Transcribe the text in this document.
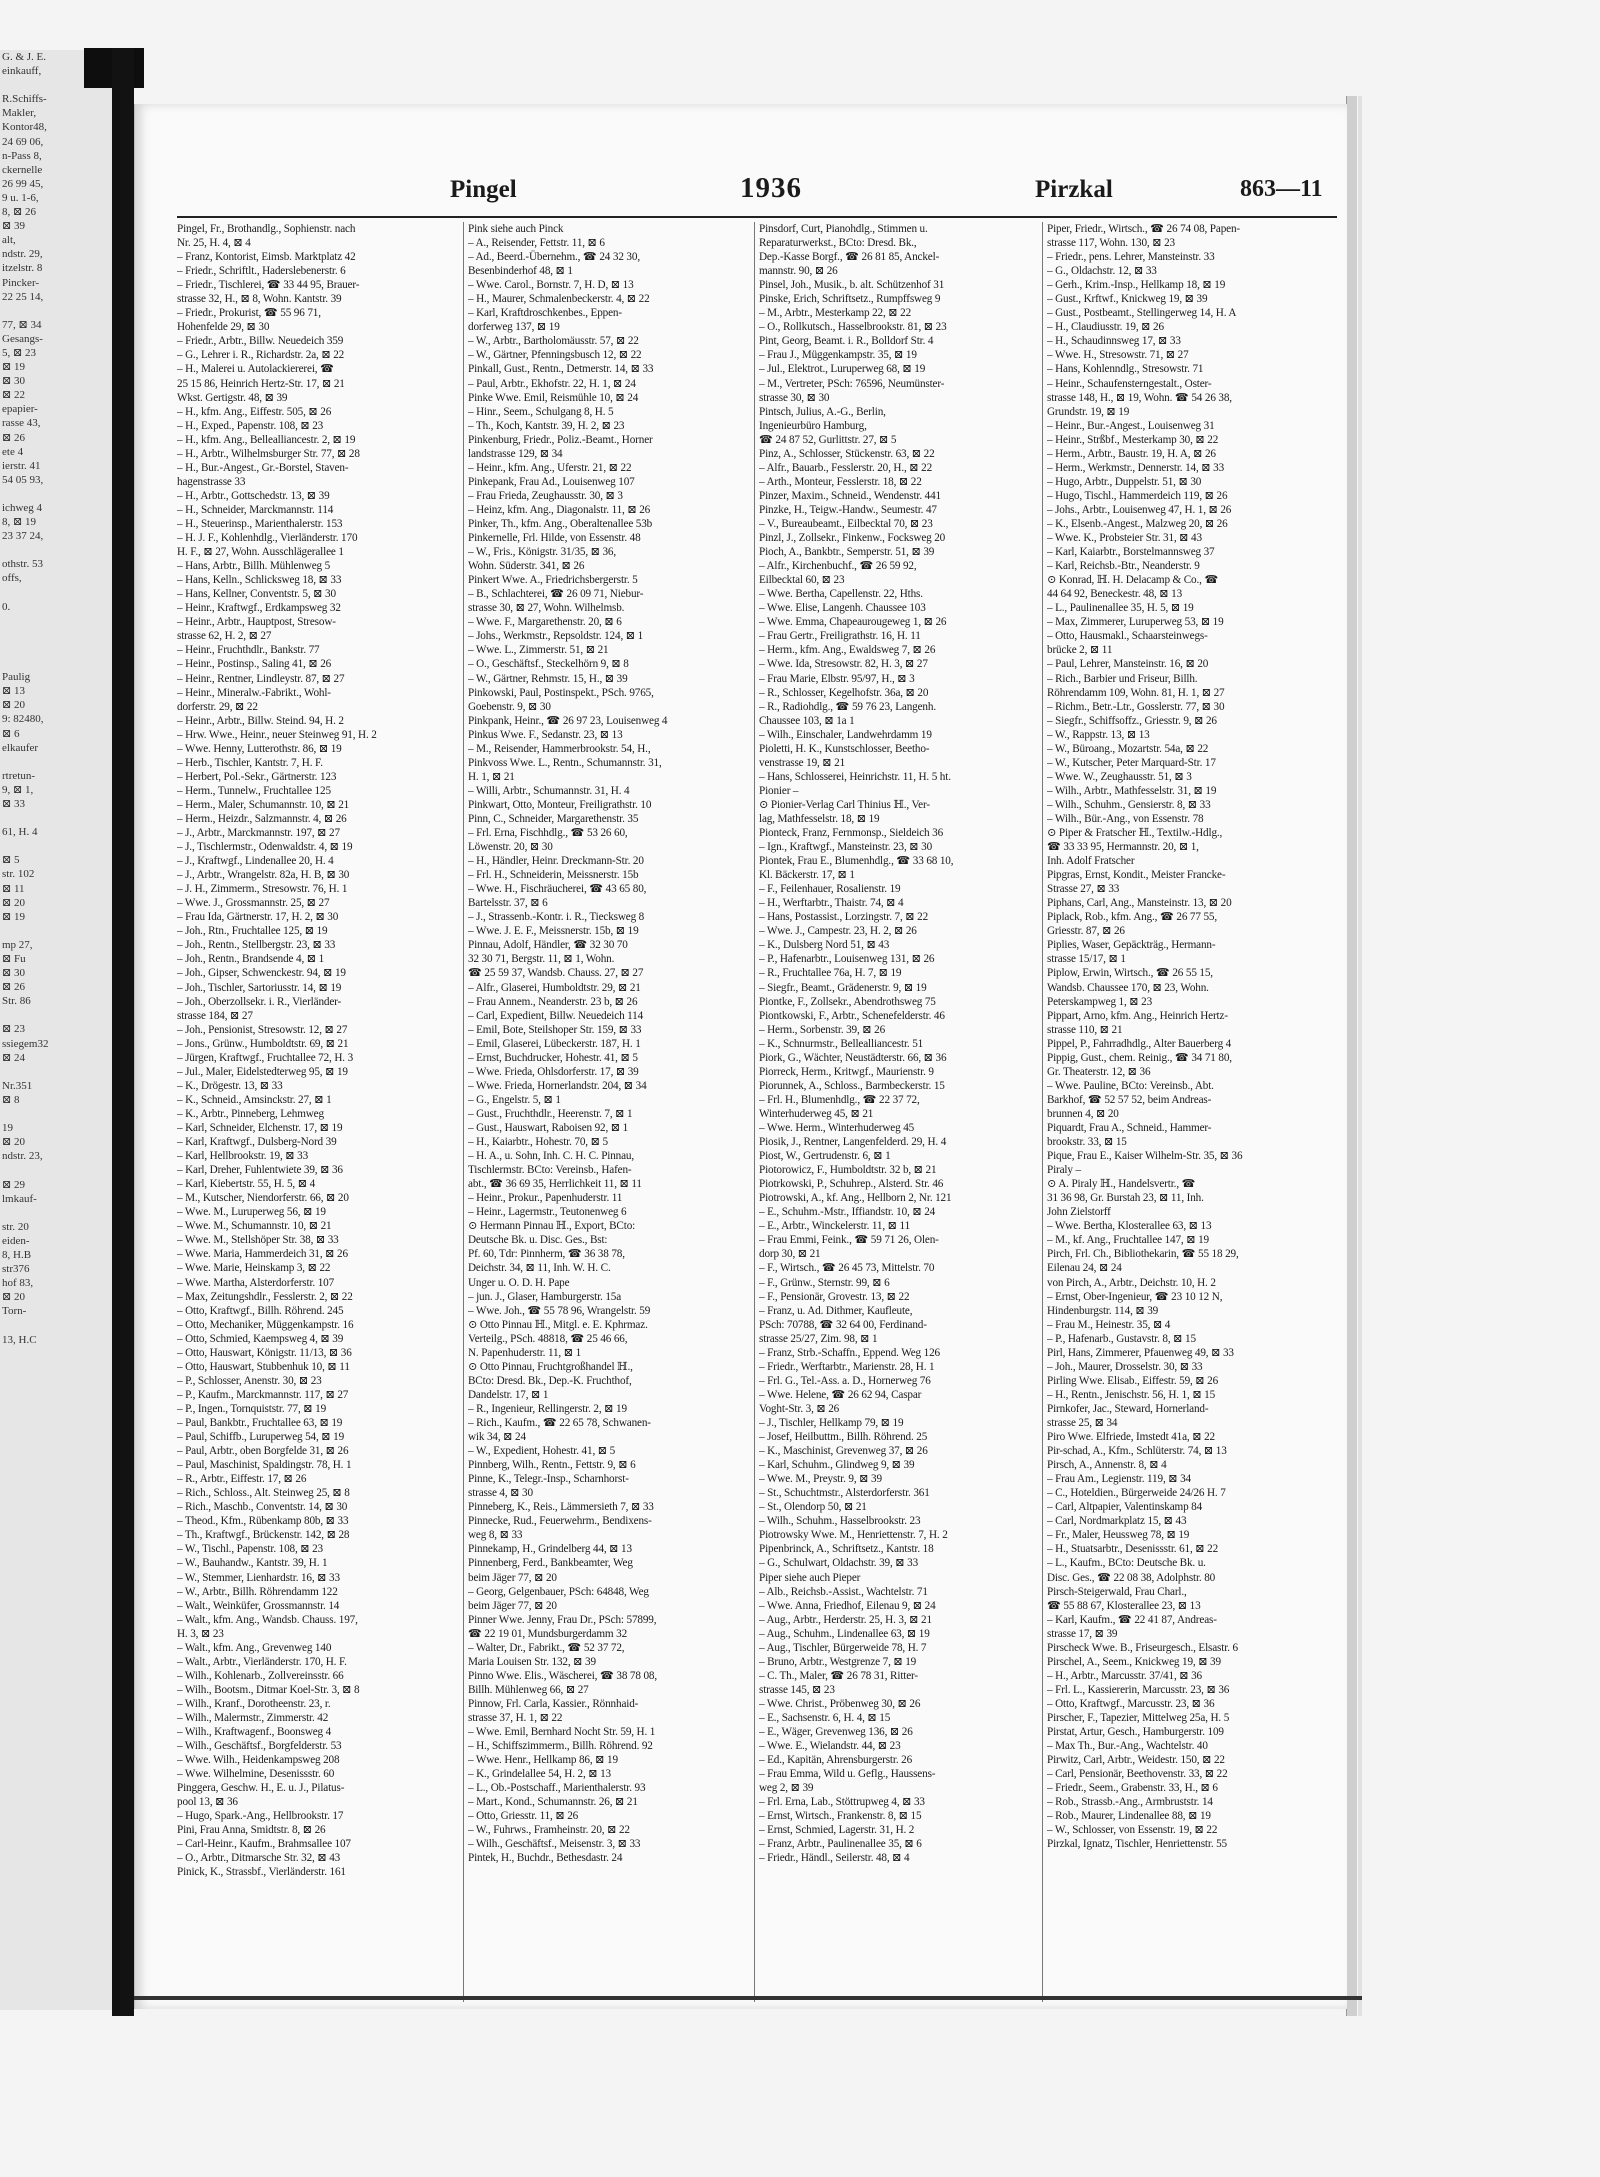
G. & J. E.
einkauff,

R.Schiffs-
Makler,
Kontor48,
24 69 06,
n-Pass 8,
ckernelle
26 99 45,
9 u. 1-6,
8, ⊠ 26
⊠ 39
alt,
ndstr. 29,
itzelstr. 8
Pincker-
22 25 14,

77, ⊠ 34
Gesangs-
5, ⊠ 23
⊠ 19
⊠ 30
⊠ 22
epapier-
rasse 43,
⊠ 26
ete 4
ierstr. 41
54 05 93,

ichweg 4
8, ⊠ 19
23 37 24,

othstr. 53
offs,

0.

Paulig
⊠ 13
⊠ 20
9: 82480,
⊠ 6
elkaufer

rtretun-
9, ⊠ 1,
⊠ 33

61, H. 4

⊠ 5
str. 102
⊠ 11
⊠ 20
⊠ 19

mp 27,
⊠ Fu
⊠ 30
⊠ 26
Str. 86

⊠ 23
ssiegem32
⊠ 24

Nr.351
⊠ 8

19
⊠ 20
ndstr. 23,

⊠ 29
lmkauf-

str. 20
eiden-
8, H.B
str376
hof 83,
⊠ 20
Torn-

13, H.C
Pingel	1936	Pirzkal	863—11
Pingel, Fr., Brothandlg., Sophienstr. nach
Nr. 25, H. 4, ⊠ 4
– Franz, Kontorist, Eimsb. Marktplatz 42
– Friedr., Schriftlt., Haderslebenerstr. 6
– Friedr., Tischlerei, ☎ 33 44 95, Brauer-
strasse 32, H., ⊠ 8, Wohn. Kantstr. 39
– Friedr., Prokurist, ☎ 55 96 71,
Hohenfelde 29, ⊠ 30
– Friedr., Arbtr., Billw. Neuedeich 359
– G., Lehrer i. R., Richardstr. 2a, ⊠ 22
– H., Malerei u. Autolackiererei, ☎
25 15 86, Heinrich Hertz-Str. 17, ⊠ 21
Wkst. Gertigstr. 48, ⊠ 39
– H., kfm. Ang., Eiffestr. 505, ⊠ 26
– H., Exped., Papenstr. 108, ⊠ 23
– H., kfm. Ang., Bellealliancestr. 2, ⊠ 19
– H., Arbtr., Wilhelmsburger Str. 77, ⊠ 28
– H., Bur.-Angest., Gr.-Borstel, Staven-
hagenstrasse 33
– H., Arbtr., Gottschedstr. 13, ⊠ 39
– H., Schneider, Marckmannstr. 114
– H., Steuerinsp., Marienthalerstr. 153
– H. J. F., Kohlenhdlg., Vierländerstr. 170
H. F., ⊠ 27, Wohn. Ausschlägerallee 1
– Hans, Arbtr., Billh. Mühlenweg 5
– Hans, Kelln., Schlicksweg 18, ⊠ 33
– Hans, Kellner, Conventstr. 5, ⊠ 30
– Heinr., Kraftwgf., Erdkampsweg 32
– Heinr., Arbtr., Hauptpost, Stresow-
strasse 62, H. 2, ⊠ 27
– Heinr., Fruchthdlr., Bankstr. 77
– Heinr., Postinsp., Saling 41, ⊠ 26
– Heinr., Rentner, Lindleystr. 87, ⊠ 27
– Heinr., Mineralw.-Fabrikt., Wohl-
dorferstr. 29, ⊠ 22
– Heinr., Arbtr., Billw. Steind. 94, H. 2
– Hrw. Wwe., Heinr., neuer Steinweg 91, H. 2
– Wwe. Henny, Lutterothstr. 86, ⊠ 19
– Herb., Tischler, Kantstr. 7, H. F.
– Herbert, Pol.-Sekr., Gärtnerstr. 123
– Herm., Tunnelw., Fruchtallee 125
– Herm., Maler, Schumannstr. 10, ⊠ 21
– Herm., Heizdr., Salzmannstr. 4, ⊠ 26
– J., Arbtr., Marckmannstr. 197, ⊠ 27
– J., Tischlermstr., Odenwaldstr. 4, ⊠ 19
– J., Kraftwgf., Lindenallee 20, H. 4
– J., Arbtr., Wrangelstr. 82a, H. B, ⊠ 30
– J. H., Zimmerm., Stresowstr. 76, H. 1
– Wwe. J., Grossmannstr. 25, ⊠ 27
– Frau Ida, Gärtnerstr. 17, H. 2, ⊠ 30
– Joh., Rtn., Fruchtallee 125, ⊠ 19
– Joh., Rentn., Stellbergstr. 23, ⊠ 33
– Joh., Rentn., Brandsende 4, ⊠ 1
– Joh., Gipser, Schwenckestr. 94, ⊠ 19
– Joh., Tischler, Sartoriusstr. 14, ⊠ 19
– Joh., Oberzollsekr. i. R., Vierländer-
strasse 184, ⊠ 27
– Joh., Pensionist, Stresowstr. 12, ⊠ 27
– Jons., Grünw., Humboldtstr. 69, ⊠ 21
– Jürgen, Kraftwgf., Fruchtallee 72, H. 3
– Jul., Maler, Eidelstedterweg 95, ⊠ 19
– K., Drögestr. 13, ⊠ 33
– K., Schneid., Amsinckstr. 27, ⊠ 1
– K., Arbtr., Pinneberg, Lehmweg
– Karl, Schneider, Elchenstr. 17, ⊠ 19
– Karl, Kraftwgf., Dulsberg-Nord 39
– Karl, Hellbrookstr. 19, ⊠ 33
– Karl, Dreher, Fuhlentwiete 39, ⊠ 36
– Karl, Kiebertstr. 55, H. 5, ⊠ 4
– M., Kutscher, Niendorferstr. 66, ⊠ 20
– Wwe. M., Luruperweg 56, ⊠ 19
– Wwe. M., Schumannstr. 10, ⊠ 21
– Wwe. M., Stellshöper Str. 38, ⊠ 33
– Wwe. Maria, Hammerdeich 31, ⊠ 26
– Wwe. Marie, Heinskamp 3, ⊠ 22
– Wwe. Martha, Alsterdorferstr. 107
– Max, Zeitungshdlr., Fesslerstr. 2, ⊠ 22
– Otto, Kraftwgf., Billh. Röhrend. 245
– Otto, Mechaniker, Müggenkampstr. 16
– Otto, Schmied, Kaempsweg 4, ⊠ 39
– Otto, Hauswart, Königstr. 11/13, ⊠ 36
– Otto, Hauswart, Stubbenhuk 10, ⊠ 11
– P., Schlosser, Anenstr. 30, ⊠ 23
– P., Kaufm., Marckmannstr. 117, ⊠ 27
– P., Ingen., Tornquiststr. 77, ⊠ 19
– Paul, Bankbtr., Fruchtallee 63, ⊠ 19
– Paul, Schiffb., Luruperweg 54, ⊠ 19
– Paul, Arbtr., oben Borgfelde 31, ⊠ 26
– Paul, Maschinist, Spaldingstr. 78, H. 1
– R., Arbtr., Eiffestr. 17, ⊠ 26
– Rich., Schloss., Alt. Steinweg 25, ⊠ 8
– Rich., Maschb., Conventstr. 14, ⊠ 30
– Theod., Kfm., Rübenkamp 80b, ⊠ 33
– Th., Kraftwgf., Brückenstr. 142, ⊠ 28
– W., Tischl., Papenstr. 108, ⊠ 23
– W., Bauhandw., Kantstr. 39, H. 1
– W., Stemmer, Lienhardstr. 16, ⊠ 33
– W., Arbtr., Billh. Röhrendamm 122
– Walt., Weinküfer, Grossmannstr. 14
– Walt., kfm. Ang., Wandsb. Chauss. 197,
H. 3, ⊠ 23
– Walt., kfm. Ang., Grevenweg 140
– Walt., Arbtr., Vierländerstr. 170, H. F.
– Wilh., Kohlenarb., Zollvereinsstr. 66
– Wilh., Bootsm., Ditmar Koel-Str. 3, ⊠ 8
– Wilh., Kranf., Dorotheenstr. 23, r.
– Wilh., Malermstr., Zimmerstr. 42
– Wilh., Kraftwagenf., Boonsweg 4
– Wilh., Geschäftsf., Borgfelderstr. 53
– Wwe. Wilh., Heidenkampsweg 208
– Wwe. Wilhelmine, Desenissstr. 60
Pinggera, Geschw. H., E. u. J., Pilatus-
pool 13, ⊠ 36
– Hugo, Spark.-Ang., Hellbrookstr. 17
Pini, Frau Anna, Smidtstr. 8, ⊠ 26
– Carl-Heinr., Kaufm., Brahmsallee 107
– O., Arbtr., Ditmarsche Str. 32, ⊠ 43
Pinick, K., Strassbf., Vierländerstr. 161
Pink siehe auch Pinck
– A., Reisender, Fettstr. 11, ⊠ 6
– Ad., Beerd.-Übernehm., ☎ 24 32 30,
Besenbinderhof 48, ⊠ 1
– Wwe. Carol., Bornstr. 7, H. D, ⊠ 13
– H., Maurer, Schmalenbeckerstr. 4, ⊠ 22
– Karl, Kraftdroschkenbes., Eppen-
dorferweg 137, ⊠ 19
– W., Arbtr., Bartholomäusstr. 57, ⊠ 22
– W., Gärtner, Pfenningsbusch 12, ⊠ 22
Pinkall, Gust., Rentn., Detmerstr. 14, ⊠ 33
– Paul, Arbtr., Ekhofstr. 22, H. 1, ⊠ 24
Pinke Wwe. Emil, Reismühle 10, ⊠ 24
– Hinr., Seem., Schulgang 8, H. 5
– Th., Koch, Kantstr. 39, H. 2, ⊠ 23
Pinkenburg, Friedr., Poliz.-Beamt., Horner
landstrasse 129, ⊠ 34
– Heinr., kfm. Ang., Uferstr. 21, ⊠ 22
Pinkepank, Frau Ad., Louisenweg 107
– Frau Frieda, Zeughausstr. 30, ⊠ 3
– Heinz, kfm. Ang., Diagonalstr. 11, ⊠ 26
Pinker, Th., kfm. Ang., Oberaltenallee 53b
Pinkernelle, Frl. Hilde, von Essenstr. 48
– W., Fris., Königstr. 31/35, ⊠ 36,
Wohn. Süderstr. 341, ⊠ 26
Pinkert Wwe. A., Friedrichsbergerstr. 5
– B., Schlachterei, ☎ 26 09 71, Niebur-
strasse 30, ⊠ 27, Wohn. Wilhelmsb.
– Wwe. F., Margarethenstr. 20, ⊠ 6
– Johs., Werkmstr., Repsoldstr. 124, ⊠ 1
– Wwe. L., Zimmerstr. 51, ⊠ 21
– O., Geschäftsf., Steckelhörn 9, ⊠ 8
– W., Gärtner, Rehmstr. 15, H., ⊠ 39
Pinkowski, Paul, Postinspekt., PSch. 9765,
Goebenstr. 9, ⊠ 30
Pinkpank, Heinr., ☎ 26 97 23, Louisenweg 4
Pinkus Wwe. F., Sedanstr. 23, ⊠ 13
– M., Reisender, Hammerbrookstr. 54, H.,
Pinkvoss Wwe. L., Rentn., Schumannstr. 31,
H. 1, ⊠ 21
– Willi, Arbtr., Schumannstr. 31, H. 4
Pinkwart, Otto, Monteur, Freiligrathstr. 10
Pinn, C., Schneider, Margarethenstr. 35
– Frl. Erna, Fischhdlg., ☎ 53 26 60,
Löwenstr. 20, ⊠ 30
– H., Händler, Heinr. Dreckmann-Str. 20
– Frl. H., Schneiderin, Meissnerstr. 15b
– Wwe. H., Fischräucherei, ☎ 43 65 80,
Bartelsstr. 37, ⊠ 6
– J., Strassenb.-Kontr. i. R., Tiecksweg 8
– Wwe. J. E. F., Meissnerstr. 15b, ⊠ 19
Pinnau, Adolf, Händler, ☎ 32 30 70
32 30 71, Bergstr. 11, ⊠ 1, Wohn.
☎ 25 59 37, Wandsb. Chauss. 27, ⊠ 27
– Alfr., Glaserei, Humboldtstr. 29, ⊠ 21
– Frau Annem., Neanderstr. 23 b, ⊠ 26
– Carl, Expedient, Billw. Neuedeich 114
– Emil, Bote, Steilshoper Str. 159, ⊠ 33
– Emil, Glaserei, Lübeckerstr. 187, H. 1
– Ernst, Buchdrucker, Hohestr. 41, ⊠ 5
– Wwe. Frieda, Ohlsdorferstr. 17, ⊠ 39
– Wwe. Frieda, Hornerlandstr. 204, ⊠ 34
– G., Engelstr. 5, ⊠ 1
– Gust., Fruchthdlr., Heerenstr. 7, ⊠ 1
– Gust., Hauswart, Raboisen 92, ⊠ 1
– H., Kaiarbtr., Hohestr. 70, ⊠ 5
– H. A., u. Sohn, Inh. C. H. C. Pinnau,
Tischlermstr. BCto: Vereinsb., Hafen-
abt., ☎ 36 69 35, Herrlichkeit 11, ⊠ 11
– Heinr., Prokur., Papenhuderstr. 11
– Heinr., Lagermstr., Teutonenweg 6
⊙ Hermann Pinnau ℍ., Export, BCto:
Deutsche Bk. u. Disc. Ges., Bst:
Pf. 60, Tdr: Pinnherm, ☎ 36 38 78,
Deichstr. 34, ⊠ 11, Inh. W. H. C.
Unger u. O. D. H. Pape
– jun. J., Glaser, Hamburgerstr. 15a
– Wwe. Joh., ☎ 55 78 96, Wrangelstr. 59
⊙ Otto Pinnau ℍ., Mitgl. e. E. Kphrmaz.
Verteilg., PSch. 48818, ☎ 25 46 66,
N. Papenhuderstr. 11, ⊠ 1
⊙ Otto Pinnau, Fruchtgroßhandel ℍ.,
BCto: Dresd. Bk., Dep.-K. Fruchthof,
Dandelstr. 17, ⊠ 1
– R., Ingenieur, Rellingerstr. 2, ⊠ 19
– Rich., Kaufm., ☎ 22 65 78, Schwanen-
wik 34, ⊠ 24
– W., Expedient, Hohestr. 41, ⊠ 5
Pinnberg, Wilh., Rentn., Fettstr. 9, ⊠ 6
Pinne, K., Telegr.-Insp., Scharnhorst-
strasse 4, ⊠ 30
Pinneberg, K., Reis., Lämmersieth 7, ⊠ 33
Pinnecke, Rud., Feuerwehrm., Bendixens-
weg 8, ⊠ 33
Pinnekamp, H., Grindelberg 44, ⊠ 13
Pinnenberg, Ferd., Bankbeamter, Weg
beim Jäger 77, ⊠ 20
– Georg, Gelgenbauer, PSch: 64848, Weg
beim Jäger 77, ⊠ 20
Pinner Wwe. Jenny, Frau Dr., PSch: 57899,
☎ 22 19 01, Mundsburgerdamm 32
– Walter, Dr., Fabrikt., ☎ 52 37 72,
Maria Louisen Str. 132, ⊠ 39
Pinno Wwe. Elis., Wäscherei, ☎ 38 78 08,
Billh. Mühlenweg 66, ⊠ 27
Pinnow, Frl. Carla, Kassier., Rönnhaid-
strasse 37, H. 1, ⊠ 22
– Wwe. Emil, Bernhard Nocht Str. 59, H. 1
– H., Schiffszimmerm., Billh. Röhrend. 92
– Wwe. Henr., Hellkamp 86, ⊠ 19
– K., Grindelallee 54, H. 2, ⊠ 13
– L., Ob.-Postschaff., Marienthalerstr. 93
– Mart., Kond., Schumannstr. 26, ⊠ 21
– Otto, Griesstr. 11, ⊠ 26
– W., Fuhrws., Framheinstr. 20, ⊠ 22
– Wilh., Geschäftsf., Meisenstr. 3, ⊠ 33
Pintek, H., Buchdr., Bethesdastr. 24
Pinsdorf, Curt, Pianohdlg., Stimmen u.
Reparaturwerkst., BCto: Dresd. Bk.,
Dep.-Kasse Borgf., ☎ 26 81 85, Anckel-
mannstr. 90, ⊠ 26
Pinsel, Joh., Musik., b. alt. Schützenhof 31
Pinske, Erich, Schriftsetz., Rumpffsweg 9
– M., Arbtr., Mesterkamp 22, ⊠ 22
– O., Rollkutsch., Hasselbrookstr. 81, ⊠ 23
Pint, Georg, Beamt. i. R., Bolldorf Str. 4
– Frau J., Müggenkampstr. 35, ⊠ 19
– Jul., Elektrot., Luruperweg 68, ⊠ 19
– M., Vertreter, PSch: 76596, Neumünster-
strasse 30, ⊠ 30
Pintsch, Julius, A.-G., Berlin,
Ingenieurbüro Hamburg,
☎ 24 87 52, Gurlittstr. 27, ⊠ 5
Pinz, A., Schlosser, Stückenstr. 63, ⊠ 22
– Alfr., Bauarb., Fesslerstr. 20, H., ⊠ 22
– Arth., Monteur, Fesslerstr. 18, ⊠ 22
Pinzer, Maxim., Schneid., Wendenstr. 441
Pinzke, H., Teigw.-Handw., Seumestr. 47
– V., Bureaubeamt., Eilbecktal 70, ⊠ 23
Pinzl, J., Zollsekr., Finkenw., Focksweg 20
Pioch, A., Bankbtr., Semperstr. 51, ⊠ 39
– Alfr., Kirchenbuchf., ☎ 26 59 92,
Eilbecktal 60, ⊠ 23
– Wwe. Bertha, Capellenstr. 22, Hths.
– Wwe. Elise, Langenh. Chaussee 103
– Wwe. Emma, Chapeaurougeweg 1, ⊠ 26
– Frau Gertr., Freiligrathstr. 16, H. 11
– Herm., kfm. Ang., Ewaldsweg 7, ⊠ 26
– Wwe. Ida, Stresowstr. 82, H. 3, ⊠ 27
– Frau Marie, Elbstr. 95/97, H., ⊠ 3
– R., Schlosser, Kegelhofstr. 36a, ⊠ 20
– R., Radiohdlg., ☎ 59 76 23, Langenh.
Chaussee 103, ⊠ 1a 1
– Wilh., Einschaler, Landwehrdamm 19
Pioletti, H. K., Kunstschlosser, Beetho-
venstrasse 19, ⊠ 21
– Hans, Schlosserei, Heinrichstr. 11, H. 5 ht.
Pionier –
⊙ Pionier-Verlag Carl Thinius ℍ., Ver-
lag, Mathfesselstr. 18, ⊠ 19
Pionteck, Franz, Fernmonsp., Sieldeich 36
– Ign., Kraftwgf., Mansteinstr. 23, ⊠ 30
Piontek, Frau E., Blumenhdlg., ☎ 33 68 10,
Kl. Bäckerstr. 17, ⊠ 1
– F., Feilenhauer, Rosalienstr. 19
– H., Werftarbtr., Thaistr. 74, ⊠ 4
– Hans, Postassist., Lorzingstr. 7, ⊠ 22
– Wwe. J., Campestr. 23, H. 2, ⊠ 26
– K., Dulsberg Nord 51, ⊠ 43
– P., Hafenarbtr., Louisenweg 131, ⊠ 26
– R., Fruchtallee 76a, H. 7, ⊠ 19
– Siegfr., Beamt., Grädenerstr. 9, ⊠ 19
Piontke, F., Zollsekr., Abendrothsweg 75
Piontkowski, F., Arbtr., Schenefelderstr. 46
– Herm., Sorbenstr. 39, ⊠ 26
– K., Schnurmstr., Bellealliancestr. 51
Piork, G., Wächter, Neustädterstr. 66, ⊠ 36
Piorreck, Herm., Kritwgf., Maurienstr. 9
Piorunnek, A., Schloss., Barmbeckerstr. 15
– Frl. H., Blumenhdlg., ☎ 22 37 72,
Winterhuderweg 45, ⊠ 21
– Wwe. Herm., Winterhuderweg 45
Piosik, J., Rentner, Langenfelderd. 29, H. 4
Piost, W., Gertrudenstr. 6, ⊠ 1
Piotorowicz, F., Humboldtstr. 32 b, ⊠ 21
Piotrkowski, P., Schuhrep., Alsterd. Str. 46
Piotrowski, A., kf. Ang., Hellborn 2, Nr. 121
– E., Schuhm.-Mstr., Iffiandstr. 10, ⊠ 24
– E., Arbtr., Winckelerstr. 11, ⊠ 11
– Frau Emmi, Feink., ☎ 59 71 26, Olen-
dorp 30, ⊠ 21
– F., Wirtsch., ☎ 26 45 73, Mittelstr. 70
– F., Grünw., Sternstr. 99, ⊠ 6
– F., Pensionär, Grovestr. 13, ⊠ 22
– Franz, u. Ad. Dithmer, Kaufleute,
PSch: 70788, ☎ 32 64 00, Ferdinand-
strasse 25/27, Zim. 98, ⊠ 1
– Franz, Strb.-Schaffn., Eppend. Weg 126
– Friedr., Werftarbtr., Marienstr. 28, H. 1
– Frl. G., Tel.-Ass. a. D., Hornerweg 76
– Wwe. Helene, ☎ 26 62 94, Caspar
Voght-Str. 3, ⊠ 26
– J., Tischler, Hellkamp 79, ⊠ 19
– Josef, Heilbuttm., Billh. Röhrend. 25
– K., Maschinist, Grevenweg 37, ⊠ 26
– Karl, Schuhm., Glindweg 9, ⊠ 39
– Wwe. M., Preystr. 9, ⊠ 39
– St., Schuchtmstr., Alsterdorferstr. 361
– St., Olendorp 50, ⊠ 21
– Wilh., Schuhm., Hasselbrookstr. 23
Piotrowsky Wwe. M., Henriettenstr. 7, H. 2
Pipenbrinck, A., Schriftsetz., Kantstr. 18
– G., Schulwart, Oldachstr. 39, ⊠ 33
Piper siehe auch Pieper
– Alb., Reichsb.-Assist., Wachtelstr. 71
– Wwe. Anna, Friedhof, Eilenau 9, ⊠ 24
– Aug., Arbtr., Herderstr. 25, H. 3, ⊠ 21
– Aug., Schuhm., Lindenallee 63, ⊠ 19
– Aug., Tischler, Bürgerweide 78, H. 7
– Bruno, Arbtr., Westgrenze 7, ⊠ 19
– C. Th., Maler, ☎ 26 78 31, Ritter-
strasse 145, ⊠ 23
– Wwe. Christ., Pröbenweg 30, ⊠ 26
– E., Sachsenstr. 6, H. 4, ⊠ 15
– E., Wäger, Grevenweg 136, ⊠ 26
– Wwe. E., Wielandstr. 44, ⊠ 23
– Ed., Kapitän, Ahrensburgerstr. 26
– Frau Emma, Wild u. Geflg., Haussens-
weg 2, ⊠ 39
– Frl. Erna, Lab., Stöttrupweg 4, ⊠ 33
– Ernst, Wirtsch., Frankenstr. 8, ⊠ 15
– Ernst, Schmied, Lagerstr. 31, H. 2
– Franz, Arbtr., Paulinenallee 35, ⊠ 6
– Friedr., Händl., Seilerstr. 48, ⊠ 4
Piper, Friedr., Wirtsch., ☎ 26 74 08, Papen-
strasse 117, Wohn. 130, ⊠ 23
– Friedr., pens. Lehrer, Mansteinstr. 33
– G., Oldachstr. 12, ⊠ 33
– Gerh., Krim.-Insp., Hellkamp 18, ⊠ 19
– Gust., Krftwf., Knickweg 19, ⊠ 39
– Gust., Postbeamt., Stellingerweg 14, H. A
– H., Claudiusstr. 19, ⊠ 26
– H., Schaudinnsweg 17, ⊠ 33
– Wwe. H., Stresowstr. 71, ⊠ 27
– Hans, Kohlenndlg., Stresowstr. 71
– Heinr., Schaufensterngestalt., Oster-
strasse 148, H., ⊠ 19, Wohn. ☎ 54 26 38,
Grundstr. 19, ⊠ 19
– Heinr., Bur.-Angest., Louisenweg 31
– Heinr., Strßbf., Mesterkamp 30, ⊠ 22
– Herm., Arbtr., Baustr. 19, H. A, ⊠ 26
– Herm., Werkmstr., Dennerstr. 14, ⊠ 33
– Hugo, Arbtr., Duppelstr. 51, ⊠ 30
– Hugo, Tischl., Hammerdeich 119, ⊠ 26
– Johs., Arbtr., Louisenweg 47, H. 1, ⊠ 26
– K., Elsenb.-Angest., Malzweg 20, ⊠ 26
– Wwe. K., Probsteier Str. 31, ⊠ 43
– Karl, Kaiarbtr., Borstelmannsweg 37
– Karl, Reichsb.-Btr., Neanderstr. 9
⊙ Konrad, ℍ. H. Delacamp & Co., ☎
44 64 92, Beneckestr. 48, ⊠ 13
– L., Paulinenallee 35, H. 5, ⊠ 19
– Max, Zimmerer, Luruperweg 53, ⊠ 19
– Otto, Hausmakl., Schaarsteinwegs-
brücke 2, ⊠ 11
– Paul, Lehrer, Mansteinstr. 16, ⊠ 20
– Rich., Barbier und Friseur, Billh.
Röhrendamm 109, Wohn. 81, H. 1, ⊠ 27
– Richm., Betr.-Ltr., Gosslerstr. 77, ⊠ 30
– Siegfr., Schiffsoffz., Griesstr. 9, ⊠ 26
– W., Rappstr. 13, ⊠ 13
– W., Büroang., Mozartstr. 54a, ⊠ 22
– W., Kutscher, Peter Marquard-Str. 17
– Wwe. W., Zeughausstr. 51, ⊠ 3
– Wilh., Arbtr., Mathfesselstr. 31, ⊠ 19
– Wilh., Schuhm., Gensierstr. 8, ⊠ 33
– Wilh., Bür.-Ang., von Essenstr. 78
⊙ Piper & Fratscher ℍ., Textilw.-Hdlg.,
☎ 33 33 95, Hermannstr. 20, ⊠ 1,
Inh. Adolf Fratscher
Pipgras, Ernst, Kondit., Meister Francke-
Strasse 27, ⊠ 33
Piphans, Carl, Ang., Mansteinstr. 13, ⊠ 20
Piplack, Rob., kfm. Ang., ☎ 26 77 55,
Griesstr. 87, ⊠ 26
Piplies, Waser, Gepäckträg., Hermann-
strasse 15/17, ⊠ 1
Piplow, Erwin, Wirtsch., ☎ 26 55 15,
Wandsb. Chaussee 170, ⊠ 23, Wohn.
Peterskampweg 1, ⊠ 23
Pippart, Arno, kfm. Ang., Heinrich Hertz-
strasse 110, ⊠ 21
Pippel, P., Fahrradhdlg., Alter Bauerberg 4
Pippig, Gust., chem. Reinig., ☎ 34 71 80,
Gr. Theaterstr. 12, ⊠ 36
– Wwe. Pauline, BCto: Vereinsb., Abt.
Barkhof, ☎ 52 57 52, beim Andreas-
brunnen 4, ⊠ 20
Piquardt, Frau A., Schneid., Hammer-
brookstr. 33, ⊠ 15
Pique, Frau E., Kaiser Wilhelm-Str. 35, ⊠ 36
Piraly –
⊙ A. Piraly ℍ., Handelsvertr., ☎
31 36 98, Gr. Burstah 23, ⊠ 11, Inh.
John Zielstorff
– Wwe. Bertha, Klosterallee 63, ⊠ 13
– M., kf. Ang., Fruchtallee 147, ⊠ 19
Pirch, Frl. Ch., Bibliothekarin, ☎ 55 18 29,
Eilenau 24, ⊠ 24
von Pirch, A., Arbtr., Deichstr. 10, H. 2
– Ernst, Ober-Ingenieur, ☎ 23 10 12 N,
Hindenburgstr. 114, ⊠ 39
– Frau M., Heinestr. 35, ⊠ 4
– P., Hafenarb., Gustavstr. 8, ⊠ 15
Pirl, Hans, Zimmerer, Pfauenweg 49, ⊠ 33
– Joh., Maurer, Drosselstr. 30, ⊠ 33
Pirling Wwe. Elisab., Eiffestr. 59, ⊠ 26
– H., Rentn., Jenischstr. 56, H. 1, ⊠ 15
Pirnkofer, Jac., Steward, Hornerland-
strasse 25, ⊠ 34
Piro Wwe. Elfriede, Imstedt 41a, ⊠ 22
Pir-schad, A., Kfm., Schlüterstr. 74, ⊠ 13
Pirsch, A., Annenstr. 8, ⊠ 4
– Frau Am., Legienstr. 119, ⊠ 34
– C., Hoteldien., Bürgerweide 24/26 H. 7
– Carl, Altpapier, Valentinskamp 84
– Carl, Nordmarkplatz 15, ⊠ 43
– Fr., Maler, Heussweg 78, ⊠ 19
– H., Stuatsarbtr., Desenissstr. 61, ⊠ 22
– L., Kaufm., BCto: Deutsche Bk. u.
Disc. Ges., ☎ 22 08 38, Adolphstr. 80
Pirsch-Steigerwald, Frau Charl.,
☎ 55 88 67, Klosterallee 23, ⊠ 13
– Karl, Kaufm., ☎ 22 41 87, Andreas-
strasse 17, ⊠ 39
Pirscheck Wwe. B., Friseurgesch., Elsastr. 6
Pirschel, A., Seem., Knickweg 19, ⊠ 39
– H., Arbtr., Marcusstr. 37/41, ⊠ 36
– Frl. L., Kassiererin, Marcusstr. 23, ⊠ 36
– Otto, Kraftwgf., Marcusstr. 23, ⊠ 36
Pirscher, F., Tapezier, Mittelweg 25a, H. 5
Pirstat, Artur, Gesch., Hamburgerstr. 109
– Max Th., Bur.-Ang., Wachtelstr. 40
Pirwitz, Carl, Arbtr., Weidestr. 150, ⊠ 22
– Carl, Pensionär, Beethovenstr. 33, ⊠ 22
– Friedr., Seem., Grabenstr. 33, H., ⊠ 6
– Rob., Strassb.-Ang., Armbruststr. 14
– Rob., Maurer, Lindenallee 88, ⊠ 19
– W., Schlosser, von Essenstr. 19, ⊠ 22
Pirzkal, Ignatz, Tischler, Henriettenstr. 55
